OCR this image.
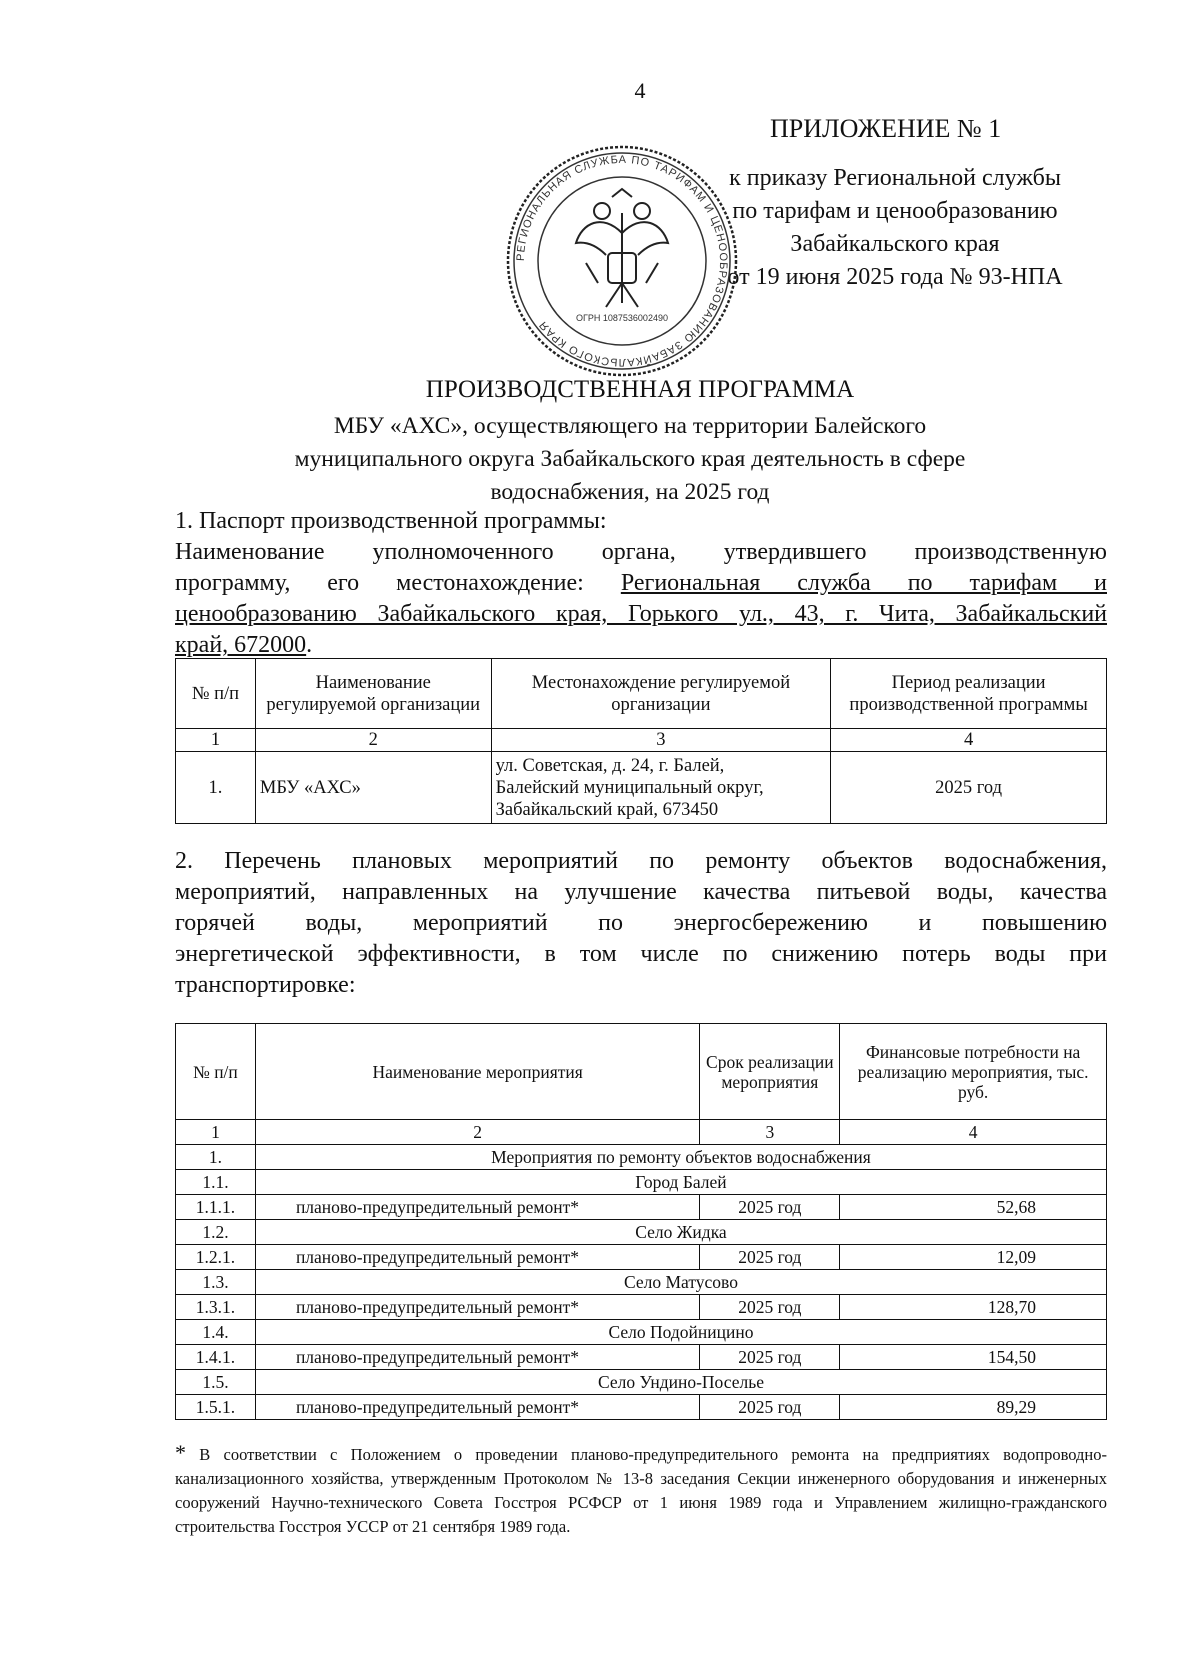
4
ПРИЛОЖЕНИЕ № 1
к приказу Региональной службы
по тарифам и ценообразованию
Забайкальского края
от 19 июня 2025 года № 93-НПА
РЕГИОНАЛЬНАЯ СЛУЖБА ПО ТАРИФАМ И ЦЕНООБРАЗОВАНИЮ ЗАБАЙКАЛЬСКОГО КРАЯ
ОГРН 1087536002490
ПРОИЗВОДСТВЕННАЯ ПРОГРАММА
МБУ «АХС», осуществляющего на территории Балейского
муниципального округа Забайкальского края деятельность в сфере
водоснабжения, на 2025 год
1. Паспорт производственной программы:
Наименование уполномоченного органа, утвердившего производственную
программу, его местонахождение: Региональная служба по тарифам и
ценообразованию Забайкальского края, Горького ул., 43, г. Чита, Забайкальский
край, 672000.
№ п/п	Наименование регулируемой организации	Местонахождение регулируемой организации	Период реализации производственной программы
1	2	3	4
1.	МБУ «АХС»	ул. Советская, д. 24, г. Балей,
Балейский муниципальный округ,
Забайкальский край, 673450	2025 год
2. Перечень плановых мероприятий по ремонту объектов водоснабжения,
мероприятий, направленных на улучшение качества питьевой воды, качества
горячей воды, мероприятий по энергосбережению и повышению
энергетической эффективности, в том числе по снижению потерь воды при
транспортировке:
№ п/п	Наименование мероприятия	Срок реализации мероприятия	Финансовые потребности на реализацию мероприятия, тыс. руб.
1	2	3	4
1.	Мероприятия по ремонту объектов водоснабжения		
1.1.	Город Балей		
1.1.1.	планово-предупредительный ремонт*	2025 год	52,68
1.2.	Село Жидка		
1.2.1.	планово-предупредительный ремонт*	2025 год	12,09
1.3.	Село Матусово		
1.3.1.	планово-предупредительный ремонт*	2025 год	128,70
1.4.	Село Подойницино		
1.4.1.	планово-предупредительный ремонт*	2025 год	154,50
1.5.	Село Ундино-Поселье		
1.5.1.	планово-предупредительный ремонт*	2025 год	89,29
* В соответствии с Положением о проведении планово-предупредительного ремонта на предприятиях водопроводно-канализационного хозяйства, утвержденным Протоколом № 13-8 заседания Секции инженерного оборудования и инженерных сооружений Научно-технического Совета Госстроя РСФСР от 1 июня 1989 года и Управлением жилищно-гражданского строительства Госстроя УССР от 21 сентября 1989 года.
